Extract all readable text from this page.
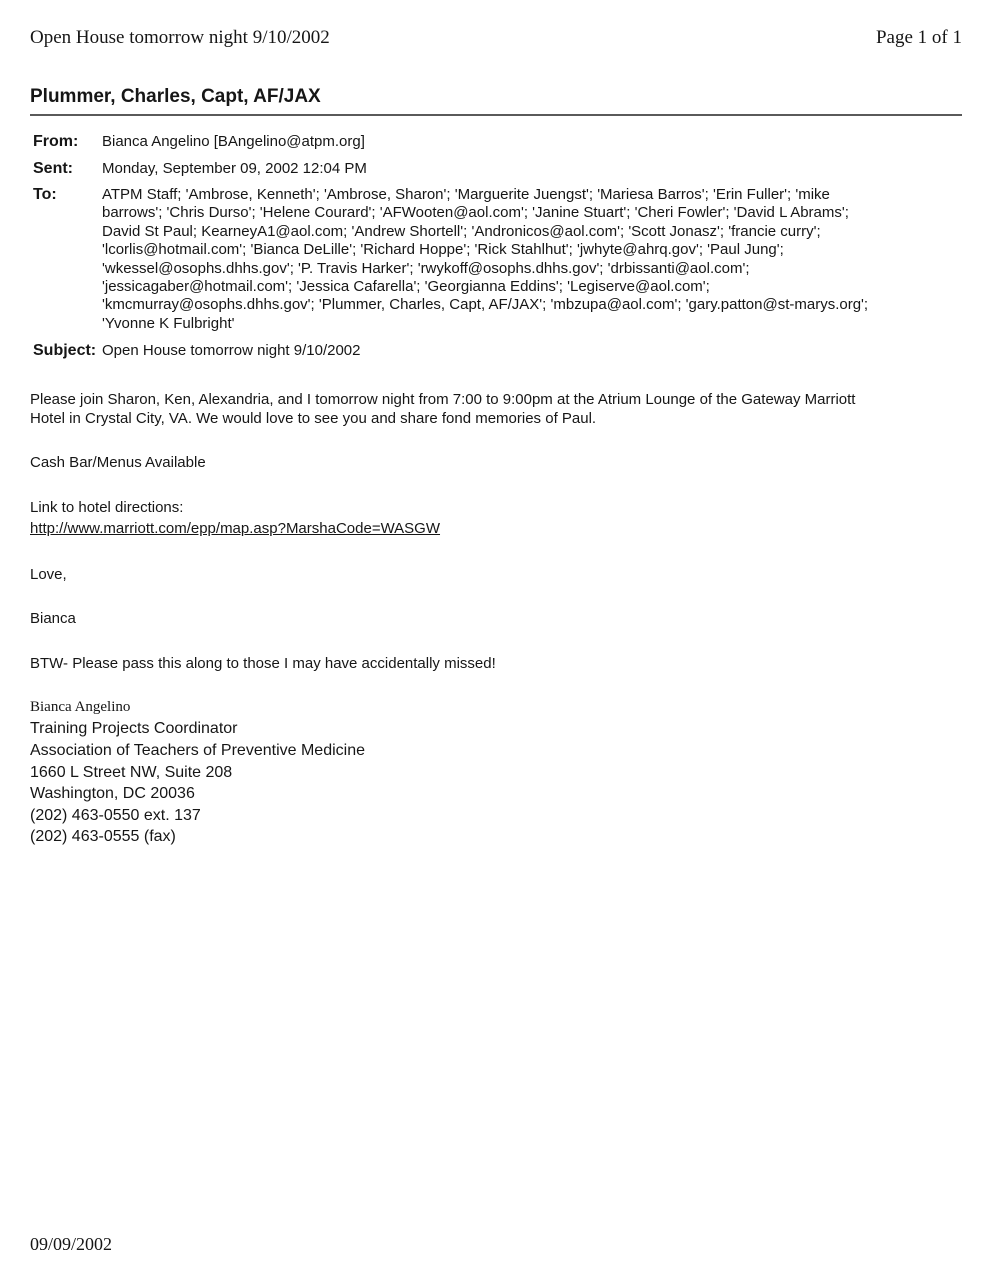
Open House tomorrow night 9/10/2002	Page 1 of 1
Plummer, Charles, Capt, AF/JAX
From: Bianca Angelino [BAngelino@atpm.org]
Sent: Monday, September 09, 2002 12:04 PM
To:	ATPM Staff; 'Ambrose, Kenneth'; 'Ambrose, Sharon'; 'Marguerite Juengst'; 'Mariesa Barros'; 'Erin Fuller'; 'mike
barrows'; 'Chris Durso'; 'Helene Courard'; 'AFWooten@aol.com'; 'Janine Stuart'; 'Cheri Fowler'; 'David L Abrams';
David St Paul; KearneyA1@aol.com; 'Andrew Shortell'; 'Andronicos@aol.com'; 'Scott Jonasz'; 'francie curry';
'lcorlis@hotmail.com'; 'Bianca DeLille'; 'Richard Hoppe'; 'Rick Stahlhut'; 'jwhyte@ahrq.gov'; 'Paul Jung';
'wkessel@osophs.dhhs.gov'; 'P. Travis Harker'; 'rwykoff@osophs.dhhs.gov'; 'drbissanti@aol.com';
'jessicagaber@hotmail.com'; 'Jessica Cafarella'; 'Georgianna Eddins'; 'Legiserve@aol.com';
'kmcmurray@osophs.dhhs.gov'; 'Plummer, Charles, Capt, AF/JAX'; 'mbzupa@aol.com'; 'gary.patton@st-marys.org';
'Yvonne K Fulbright'
Subject: Open House tomorrow night 9/10/2002
Please join Sharon, Ken, Alexandria, and I tomorrow night from 7:00 to 9:00pm at the Atrium Lounge of the Gateway Marriott
Hotel in Crystal City, VA. We would love to see you and share fond memories of Paul.
Cash Bar/Menus Available
Link to hotel directions:
http://www.marriott.com/epp/map.asp?MarshaCode=WASGW
Love,
Bianca
BTW- Please pass this along to those I may have accidentally missed!
Bianca Angelino
Training Projects Coordinator
Association of Teachers of Preventive Medicine
1660 L Street NW, Suite 208
Washington, DC 20036
(202) 463-0550 ext. 137
(202) 463-0555 (fax)
09/09/2002
